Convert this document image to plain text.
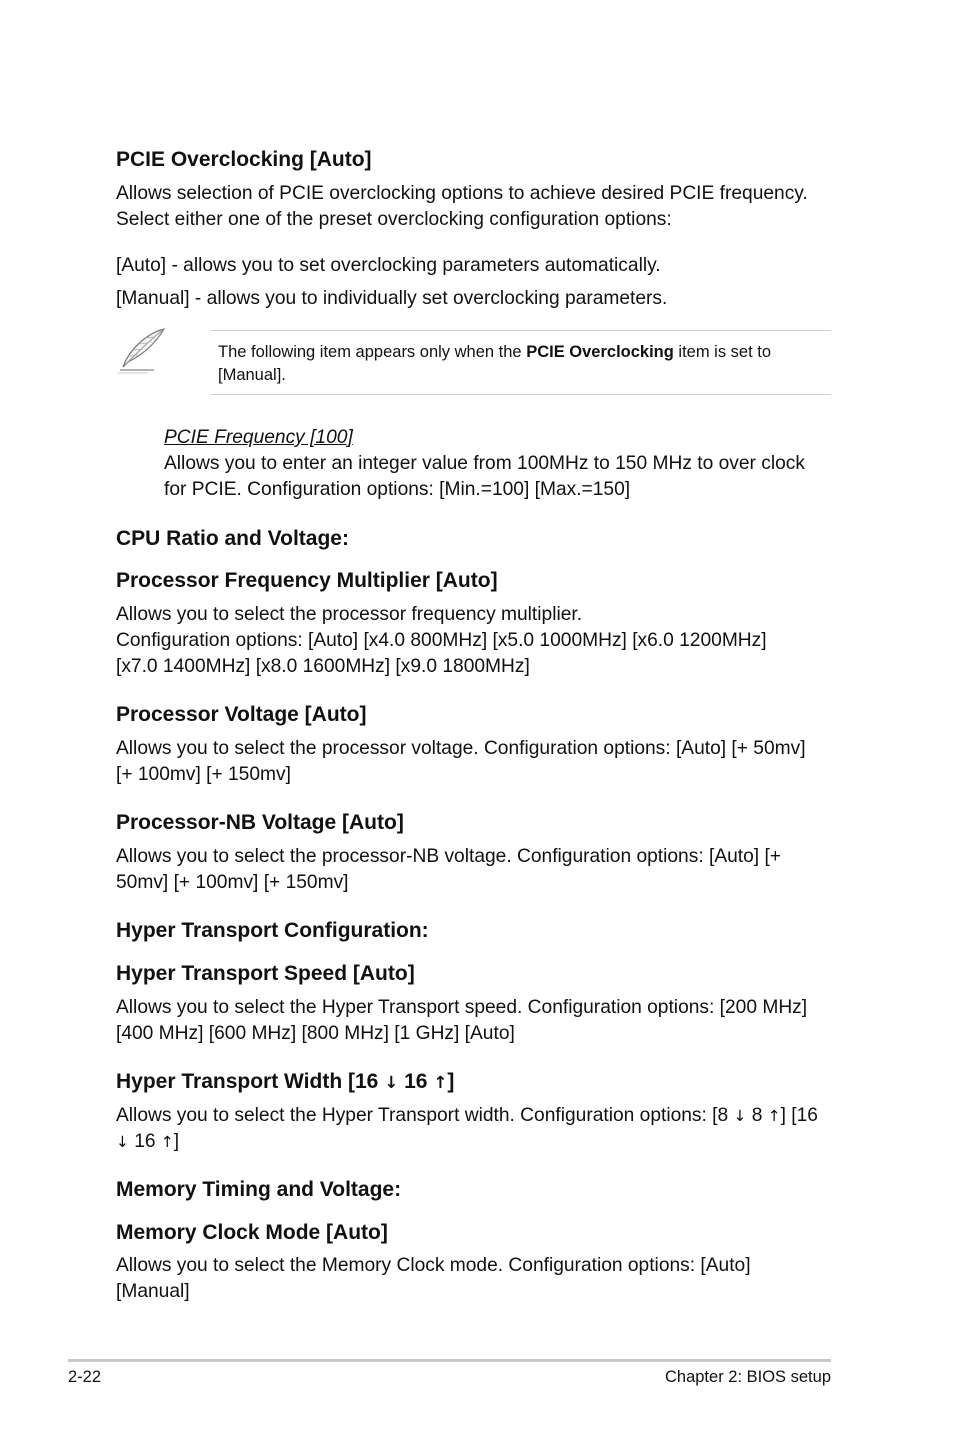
PCIE Overclocking [Auto]
Allows selection of PCIE overclocking options to achieve desired PCIE frequency.
Select either one of the preset overclocking configuration options:
[Auto] - allows you to set overclocking parameters automatically.
[Manual] - allows you to individually set overclocking parameters.
The following item appears only when the PCIE Overclocking item is set to
[Manual].
PCIE Frequency [100]
Allows you to enter an integer value from 100MHz to 150 MHz to over clock
for PCIE. Configuration options: [Min.=100] [Max.=150]
CPU Ratio and Voltage:
Processor Frequency Multiplier [Auto]
Allows you to select the processor frequency multiplier.
Configuration options: [Auto] [x4.0 800MHz] [x5.0 1000MHz] [x6.0 1200MHz]
[x7.0 1400MHz] [x8.0 1600MHz] [x9.0 1800MHz]
Processor Voltage [Auto]
Allows you to select the processor voltage. Configuration options: [Auto] [+ 50mv]
[+ 100mv] [+ 150mv]
Processor-NB Voltage [Auto]
Allows you to select the processor-NB voltage. Configuration options: [Auto] [+
50mv] [+ 100mv] [+ 150mv]
Hyper Transport Configuration:
Hyper Transport Speed [Auto]
Allows you to select the Hyper Transport speed. Configuration options: [200 MHz]
[400 MHz] [600 MHz] [800 MHz] [1 GHz] [Auto]
Hyper Transport Width [16 ↓ 16 ↑]
Allows you to select the Hyper Transport width. Configuration options: [8 ↓ 8 ↑] [16
↓ 16 ↑]
Memory Timing and Voltage:
Memory Clock Mode [Auto]
Allows you to select the Memory Clock mode. Configuration options: [Auto]
[Manual]
2-22	Chapter 2: BIOS setup
